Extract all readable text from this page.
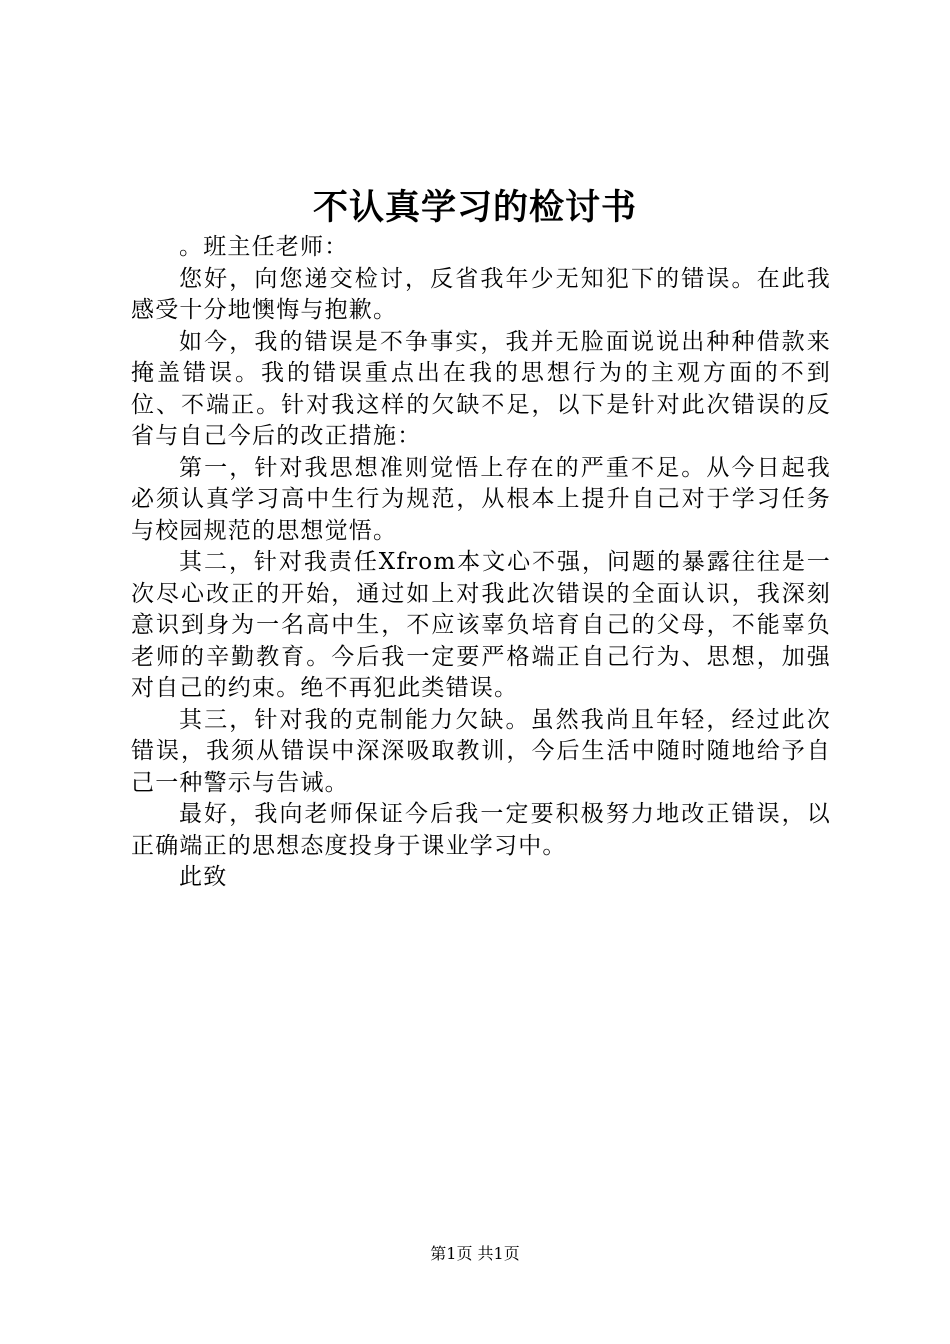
不认真学习的检讨书

。班主任老师：

您好，向您递交检讨，反省我年少无知犯下的错误。在此我感受十分地懊悔与抱歉。

如今，我的错误是不争事实，我并无脸面说说出种种借款来掩盖错误。我的错误重点出在我的思想行为的主观方面的不到位、不端正。针对我这样的欠缺不足，以下是针对此次错误的反省与自己今后的改正措施：

第一，针对我思想准则觉悟上存在的严重不足。从今日起我必须认真学习高中生行为规范，从根本上提升自己对于学习任务与校园规范的思想觉悟。

其二，针对我责任Xfrom本文心不强，问题的暴露往往是一次尽心改正的开始，通过如上对我此次错误的全面认识，我深刻意识到身为一名高中生，不应该辜负培育自己的父母，不能辜负老师的辛勤教育。今后我一定要严格端正自己行为、思想，加强对自己的约束。绝不再犯此类错误。

其三，针对我的克制能力欠缺。虽然我尚且年轻，经过此次错误，我须从错误中深深吸取教训，今后生活中随时随地给予自己一种警示与告诫。

最好，我向老师保证今后我一定要积极努力地改正错误，以正确端正的思想态度投身于课业学习中。

此致

第1页 共1页
